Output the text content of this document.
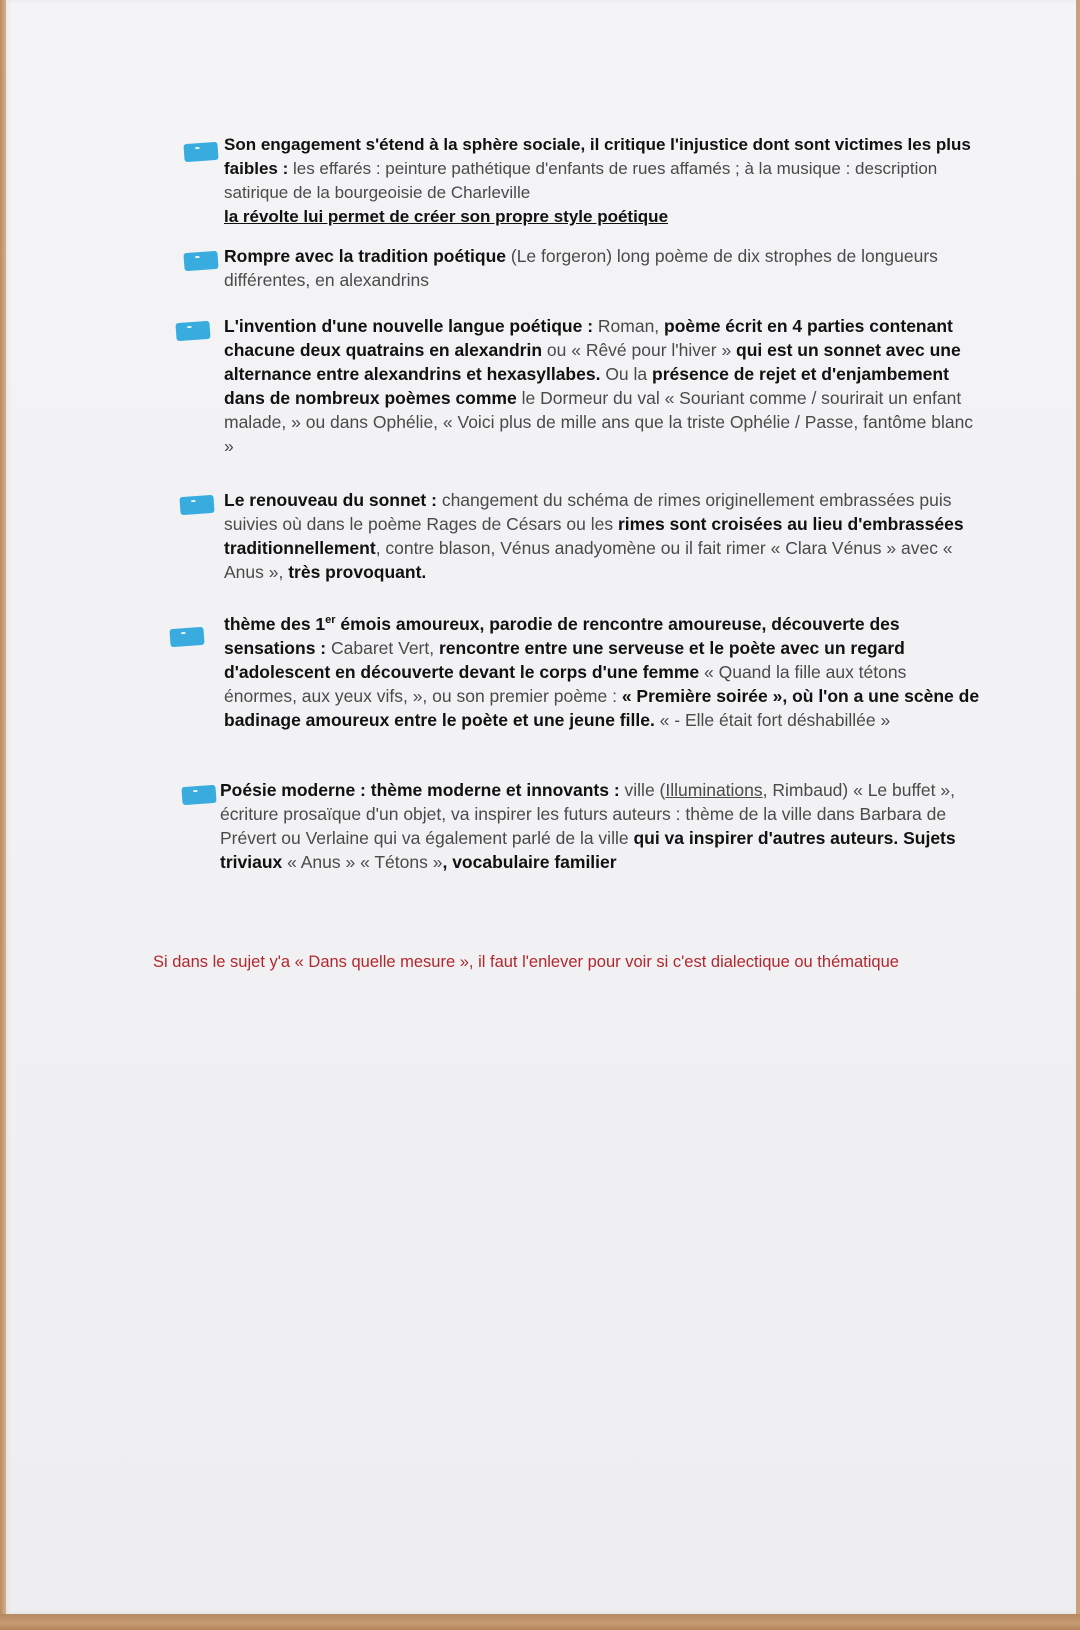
-
Son engagement s'étend à la sphère sociale, il critique l'injustice dont sont victimes les plus faibles : les effarés : peinture pathétique d'enfants de rues affamés ; à la musique : description satirique de la bourgeoisie de Charleville
la révolte lui permet de créer son propre style poétique
-
Rompre avec la tradition poétique (Le forgeron) long poème de dix strophes de longueurs différentes, en alexandrins
-
L'invention d'une nouvelle langue poétique : Roman, poème écrit en 4 parties contenant chacune deux quatrains en alexandrin ou « Rêvé pour l'hiver » qui est un sonnet avec une alternance entre alexandrins et hexasyllabes. Ou la présence de rejet et d'enjambement dans de nombreux poèmes comme le Dormeur du val « Souriant comme / sourirait un enfant malade, » ou dans Ophélie, « Voici plus de mille ans que la triste Ophélie / Passe, fantôme blanc »
-
Le renouveau du sonnet : changement du schéma de rimes originellement embrassées puis suivies où dans le poème Rages de Césars ou les rimes sont croisées au lieu d'embrassées traditionnellement, contre blason, Vénus anadyomène ou il fait rimer « Clara Vénus » avec « Anus », très provoquant.
-
thème des 1er émois amoureux, parodie de rencontre amoureuse, découverte des sensations : Cabaret Vert, rencontre entre une serveuse et le poète avec un regard d'adolescent en découverte devant le corps d'une femme « Quand la fille aux tétons énormes, aux yeux vifs, », ou son premier poème : « Première soirée », où l'on a une scène de badinage amoureux entre le poète et une jeune fille. « - Elle était fort déshabillée »
-
Poésie moderne : thème moderne et innovants : ville (Illuminations, Rimbaud) « Le buffet », écriture prosaïque d'un objet, va inspirer les futurs auteurs : thème de la ville dans Barbara de Prévert ou Verlaine qui va également parlé de la ville qui va inspirer d'autres auteurs. Sujets triviaux « Anus » « Tétons », vocabulaire familier
Si dans le sujet y'a « Dans quelle mesure », il faut l'enlever pour voir si c'est dialectique ou thématique
